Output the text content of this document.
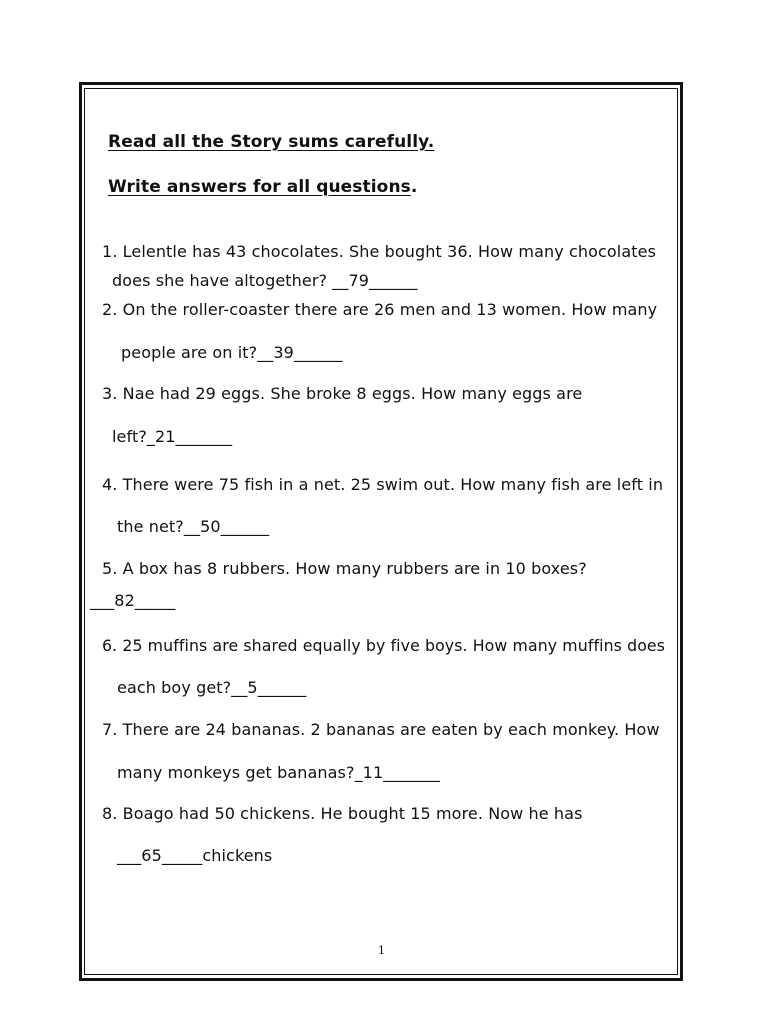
Read all the Story sums carefully.
Write answers for all questions.
1. Lelentle has 43 chocolates. She bought 36. How many chocolates
does she have altogether? __79______
2. On the roller-coaster there are 26 men and 13 women. How many
people are on it?__39______
3. Nae had 29 eggs. She broke 8 eggs. How many eggs are
left?_21_______
4. There were 75 fish in a net. 25 swim out. How many fish are left in
the net?__50______
5. A box has 8 rubbers. How many rubbers are in 10 boxes?
___82_____
6. 25 muffins are shared equally by five boys. How many muffins does
each boy get?__5______
7. There are 24 bananas. 2 bananas are eaten by each monkey. How
many monkeys get bananas?_11_______
8. Boago had 50 chickens. He bought 15 more. Now he has
___65_____chickens
1
